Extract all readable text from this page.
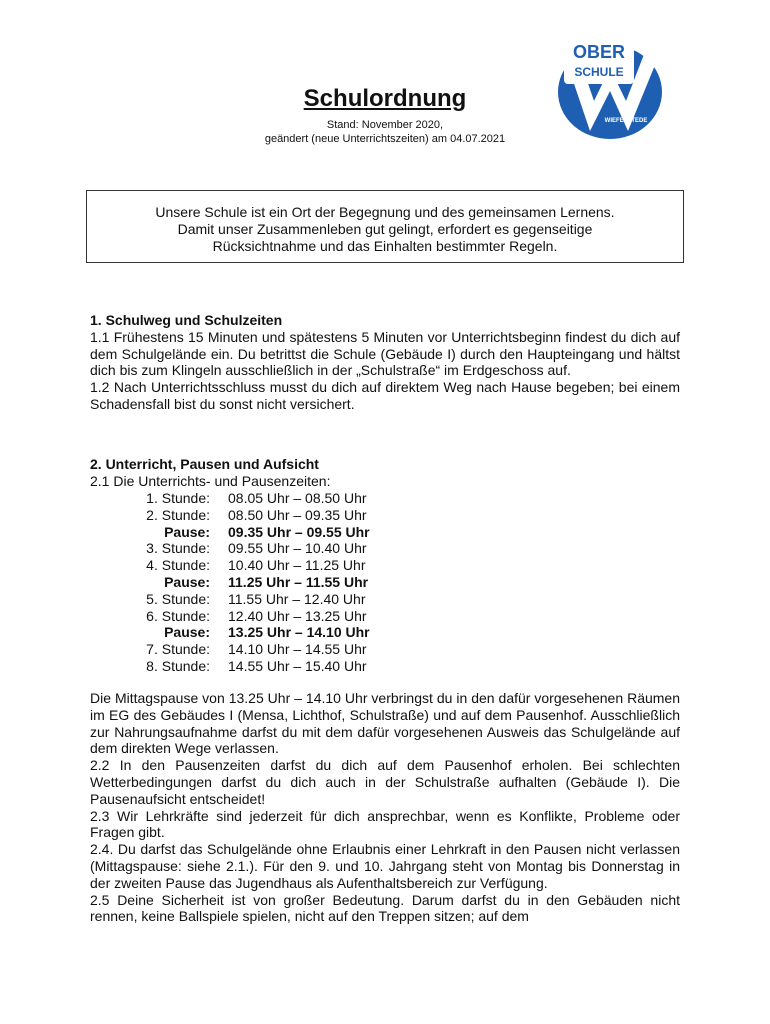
OBER
SCHULE
WIEFELSTEDE
Schulordnung
Stand: November 2020,
geändert (neue Unterrichtszeiten) am 04.07.2021
Unsere Schule ist ein Ort der Begegnung und des gemeinsamen Lernens.
Damit unser Zusammenleben gut gelingt, erfordert es gegenseitige
Rücksichtnahme und das Einhalten bestimmter Regeln.
1. Schulweg und Schulzeiten

1.1 Frühestens 15 Minuten und spätestens 5 Minuten vor Unterrichtsbeginn findest du dich auf dem Schulgelände ein. Du betrittst die Schule (Gebäude I) durch den Haupteingang und hältst dich bis zum Klingeln ausschließlich in der „Schulstraße“ im Erdgeschoss auf.

1.2 Nach Unterrichtsschluss musst du dich auf direktem Weg nach Hause begeben; bei einem Schadensfall bist du sonst nicht versichert.

2. Unterricht, Pausen und Aufsicht

2.1 Die Unterrichts- und Pausenzeiten:

1. Stunde: 08.05 Uhr – 08.50 Uhr
2. Stunde: 08.50 Uhr – 09.35 Uhr
Pause: 09.35 Uhr – 09.55 Uhr
3. Stunde: 09.55 Uhr – 10.40 Uhr
4. Stunde: 10.40 Uhr – 11.25 Uhr
Pause: 11.25 Uhr – 11.55 Uhr
5. Stunde: 11.55 Uhr – 12.40 Uhr
6. Stunde: 12.40 Uhr – 13.25 Uhr
Pause: 13.25 Uhr – 14.10 Uhr
7. Stunde: 14.10 Uhr – 14.55 Uhr
8. Stunde: 14.55 Uhr – 15.40 Uhr

Die Mittagspause von 13.25 Uhr – 14.10 Uhr verbringst du in den dafür vorgesehenen Räumen im EG des Gebäudes I (Mensa, Lichthof, Schulstraße) und auf dem Pausenhof. Ausschließlich zur Nahrungsaufnahme darfst du mit dem dafür vorgesehenen Ausweis das Schulgelände auf dem direkten Wege verlassen.

2.2 In den Pausenzeiten darfst du dich auf dem Pausenhof erholen. Bei schlechten Wetterbedingungen darfst du dich auch in der Schulstraße aufhalten (Gebäude I). Die Pausenaufsicht entscheidet!

2.3 Wir Lehrkräfte sind jederzeit für dich ansprechbar, wenn es Konflikte, Probleme oder Fragen gibt.

2.4. Du darfst das Schulgelände ohne Erlaubnis einer Lehrkraft in den Pausen nicht verlassen (Mittagspause: siehe 2.1.). Für den 9. und 10. Jahrgang steht von Montag bis Donnerstag in der zweiten Pause das Jugendhaus als Aufenthaltsbereich zur Verfügung.

2.5 Deine Sicherheit ist von großer Bedeutung. Darum darfst du in den Gebäuden nicht rennen, keine Ballspiele spielen, nicht auf den Treppen sitzen; auf dem
